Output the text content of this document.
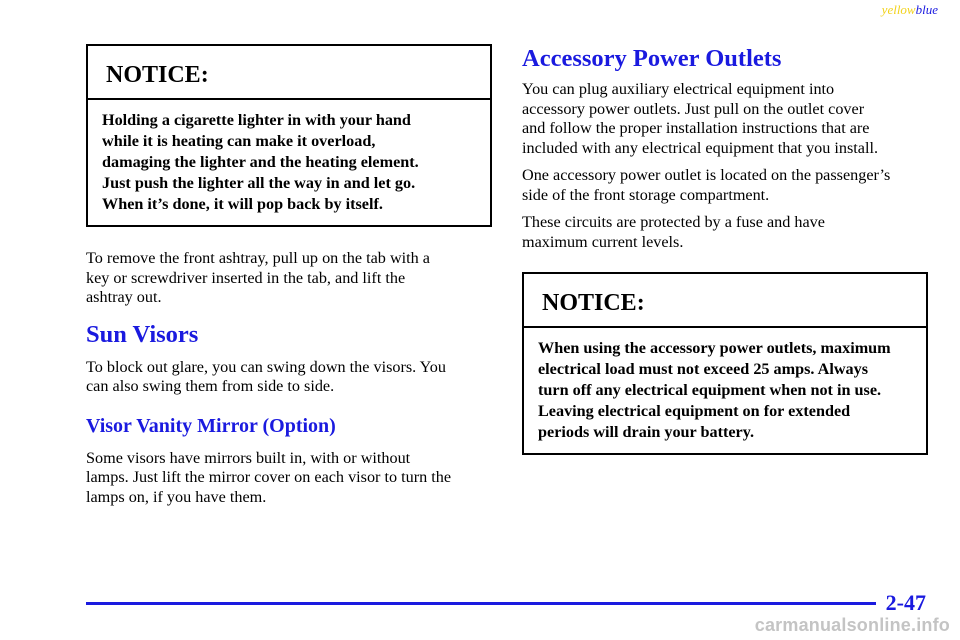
yellowblue
NOTICE:
Holding a cigarette lighter in with your hand
while it is heating can make it overload,
damaging the lighter and the heating element.
Just push the lighter all the way in and let go.
When it’s done, it will pop back by itself.

To remove the front ashtray, pull up on the tab with a
key or screwdriver inserted in the tab, and lift the
ashtray out.

Sun Visors

To block out glare, you can swing down the visors. You
can also swing them from side to side.

Visor Vanity Mirror (Option)

Some visors have mirrors built in, with or without
lamps. Just lift the mirror cover on each visor to turn the
lamps on, if you have them.

Accessory Power Outlets

You can plug auxiliary electrical equipment into
accessory power outlets. Just pull on the outlet cover
and follow the proper installation instructions that are
included with any electrical equipment that you install.

One accessory power outlet is located on the passenger’s
side of the front storage compartment.

These circuits are protected by a fuse and have
maximum current levels.

NOTICE:
When using the accessory power outlets, maximum
electrical load must not exceed 25 amps. Always
turn off any electrical equipment when not in use.
Leaving electrical equipment on for extended
periods will drain your battery.
2-47
carmanualsonline.info
